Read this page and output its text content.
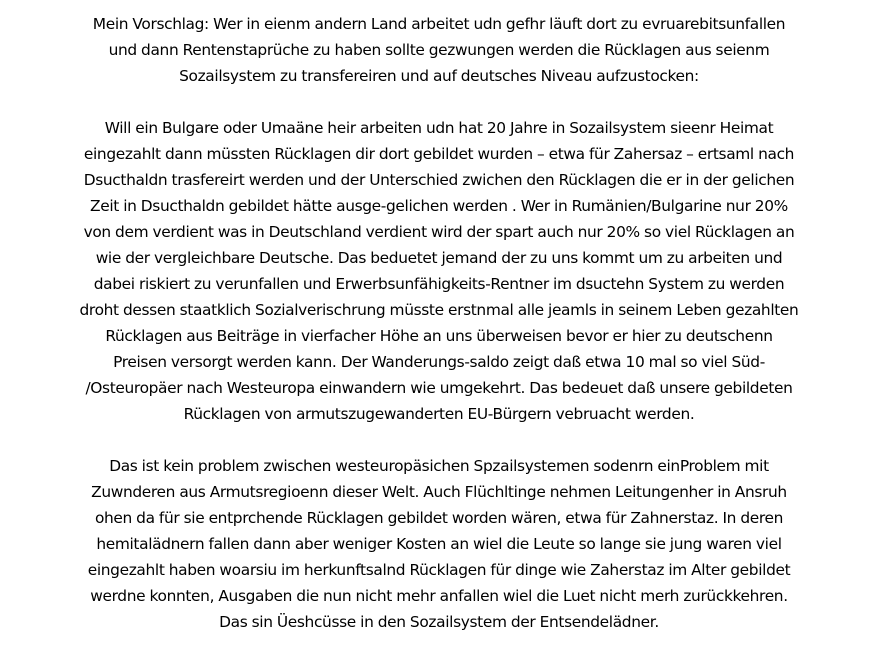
Mein Vorschlag: Wer in eienm andern Land arbeitet udn gefhr läuft dort zu evruarebitsunfallen
und dann Rentenstaprüche zu haben sollte gezwungen werden die Rücklagen aus seienm
Sozailsystem zu transfereiren und auf deutsches Niveau aufzustocken:

Will ein Bulgare oder Umaäne heir arbeiten udn hat 20 Jahre in Sozailsystem sieenr Heimat
eingezahlt dann müssten Rücklagen dir dort gebildet wurden – etwa für Zahersaz – ertsaml nach
Dsucthaldn trasfereirt werden und der Unterschied zwichen den Rücklagen die er in der gelichen
Zeit in Dsucthaldn gebildet hätte ausge-gelichen werden . Wer in Rumänien/Bulgarine nur 20%
von dem verdient was in Deutschland verdient wird der spart auch nur 20% so viel Rücklagen an
wie der vergleichbare Deutsche. Das beduetet jemand der zu uns kommt um zu arbeiten und
dabei riskiert zu verunfallen und Erwerbsunfähigkeits-Rentner im dsuctehn System zu werden
droht dessen staatklich Sozialverischrung müsste erstnmal alle jeamls in seinem Leben gezahlten
Rücklagen aus Beiträge in vierfacher Höhe an uns überweisen bevor er hier zu deutschenn
Preisen versorgt werden kann. Der Wanderungs-saldo zeigt daß etwa 10 mal so viel Süd-
/Osteuropäer nach Westeuropa einwandern wie umgekehrt. Das bedeuet daß unsere gebildeten
Rücklagen von armutszugewanderten EU-Bürgern vebruacht werden.

Das ist kein problem zwischen westeuropäsichen Spzailsystemen sodenrn einProblem mit
Zuwnderen aus Armutsregioenn dieser Welt. Auch Flüchltinge nehmen Leitungenher in Ansruh
ohen da für sie entprchende Rücklagen gebildet worden wären, etwa für Zahnerstaz. In deren
hemitalädnern fallen dann aber weniger Kosten an wiel die Leute so lange sie jung waren viel
eingezahlt haben woarsiu im herkunftsalnd Rücklagen für dinge wie Zaherstaz im Alter gebildet
werdne konnten, Ausgaben die nun nicht mehr anfallen wiel die Luet nicht merh zurückkehren.
Das sin Üeshcüsse in den Sozailsystem der Entsendelädner.
